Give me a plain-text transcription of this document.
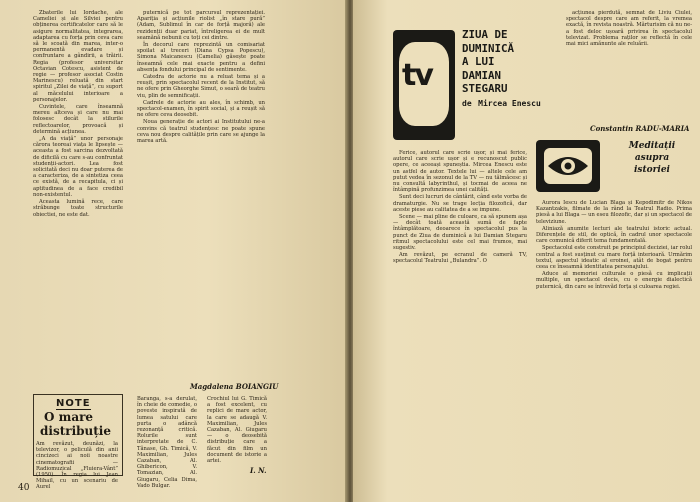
Zbaterile lui Iordache, ale Cameliei și ale Silviei pentru obținerea certificatelor care să le asigure normalitatea, integrarea, adaptarea cu forța prin ceva care să le scoată din marea, inter-o permanentă evadare și confruntare a gândirii, a trăirii. Regia (profesor universitar Octavian Cotescu, asistent de regie — profesor asociat Costin Marinescu) reluată din start spiritul „Zilei de viață”, cu suport al măcelului interioare a personajelor.

Cuvintele, care înseamnă mereu altceva și care nu mai folosesc decât la stilurile reflectoarelor, provoacă și determină acțiunea.

„A da viață” unor personaje cărora teoreai viața le lipsește — aceasta a fost sarcina dezvoltată de dificilă cu care s-au confruntat studenții-actori. Lea fost solicitată deci nu doar puterea de a caracteriza, de a sintetiza ceea ce există, de a recapitula, ci și aptitudinea de a face credibil non-existentul.

Aceasta lumină rece, care străbunge toate structurile obiectiei, ne este dat.

puternică pe tot parcursul reprezentației. Apariția și acțiunile riolist „în stare pură” (Adam, Sublimul în car de forță majoră) ale rezidenții duar pariat, întreligerea ei de mult seamănă nebunii cu toți cei dintre.

În decorul care reprezintă un comisariat spoilat al treceri (Diana Cypsa Popescu), Simona Maicanescu (Camelia) găsește poate înseamnă cele mai exacte pentru a defini absența fondului principal de sentimente.

Catedra de actorie nu a reluat tema și a reușit, prin spectacolul recent de la Institut, să ne ofere prin Gheorghe Simut, o seară de teatru viu, plin de semnificații.

Cadrele de actorie au ales, în schimb, un spectacol-examen, în spirit social, și a reușit să ne ofere ceva deosebit.

Noua generație de actori ai Institutului ne-a convins că teatrul studențesc ne poate spune ceva nou despre calitățile prin care se ajunge la marea artă.

Magdalena BOIANGIU
NOTE
O mare
distribuție
Am revăzut, deunăzi, la televizor, o peliculă din anii cincizeci ai noii noastre cinematografii — Radiomuzical „Fluiera-Vânt” (1950). În regia lui Jean Mihail, cu un scenariu de Aurel
Baranga, s-a derulat, în cheie de comedie, o poveste inspirată de lumea satului care purta o adâncă rezonanță critică. Rolurile sunt interpretate de C. Tănase, Gh. Timică, V. Maximilian, Jules Cazaban, Al. Ghibericon, V. Tomazian, Al. Giugaru, Celia Dima, Vado Bulgar.
Crochiul lui G. Timică a fost excelent, cu replici de mare actor, la care se adaugă V. Maximilian, Jules Cazaban, Al. Giugaru — o deosebită distribuție care a făcut din film un document de istorie a artei.
I. N.
40
tv
ZIUA DE
DUMINICĂ
A LUI
DAMIAN
STEGARU
de Mircea Enescu

acțiunea pierdută, semnat de Liviu Ciulei, spectacol despre care am referit, la vremea exactă, în revista noastră. Mărturisim că nu ne-a fost deloc ușoară privirea în spectacolul televizat. Problema raților se reflectă în cele mai mici amănunte ale reluării.

Constantin RADU-MARIA

Ferice, autorul care scrie ușor, și mai ferice, autorul care scrie ușor și e recunoscut public opere, ce aceeași spuneștia. Mircea Enescu este un astfel de autor. Textele lui — altele cele am putut vedea în sezonul de la TV — nu tălmăcesc și nu consultă labyrinthul, și tocmai de aceea ne întâmpină profunzimea unei calități.

Sunt deci lucruri de cântărit, când este vorba de dramaturgie. Nu se trage lecția filozofică, dar aceste piese au calitatea de a se impune.

Scene — mai pline de culoare, ca să spunem așa — decât toată această sumă de fapte întâmplătoare, deoarece în spectacolul pus la punct de Ziua de duminică a lui Damian Stegaru ritmul spectacolului este cel mai frumos, mai sugestiv.

Am revăzut, pe ecranul de cameră TV, spectacolul Teatrului „Bulandra”. O

Meditații
asupra
istoriei

Aurora Iescu de Lucian Blaga și Kepodimitr de Nikos Kazantzakis, filmate de la rând la Teatrul Radio. Prima piesă a lui Blaga — un eseu filozofic, dar și un spectacol de televiziune.

Aliniază anumite lecturi ale teatrului istoric actual. Diferențele de stil, de optică, în cadrul unor spectacole care comunică diferit tema fundamentală.

Spectacolul este construit pe principiul deciziei, iar rolul central a fost susținut cu mare forță interioară. Urmărim textul, aspectul ideatic al eroinei, atât de bogat pentru ceea ce înseamnă identitatea personajului.

Aduce al memoriei culturale o piesă cu implicații multiple, un spectacol decis, cu o energie dialectică puternică, din care se întrevăd forța și culoarea regiei.
